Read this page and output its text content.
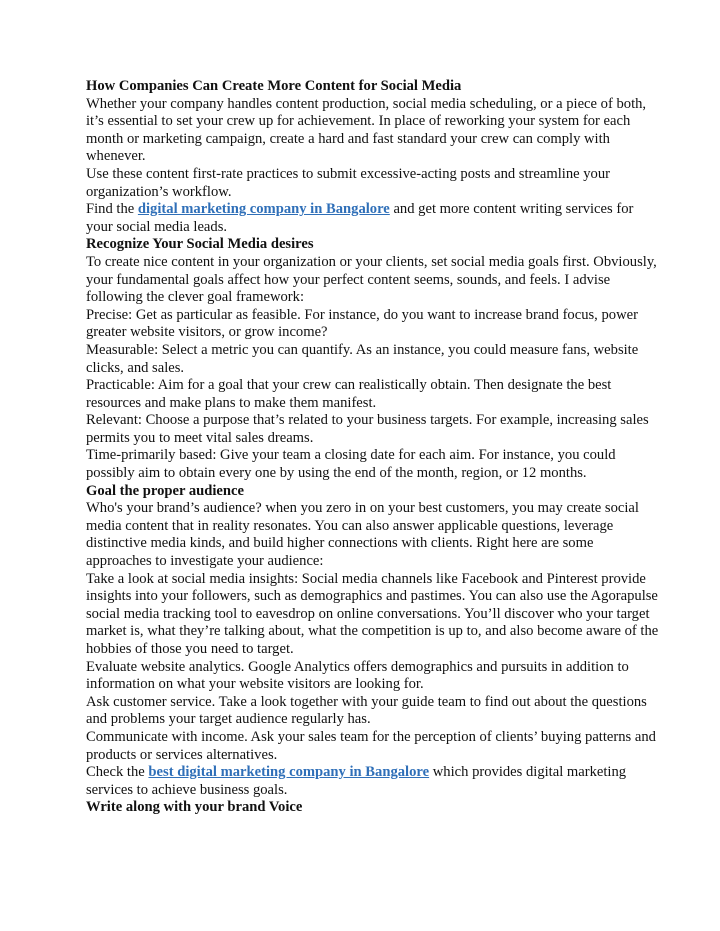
How Companies Can Create More Content for Social Media

Whether your company handles content production, social media scheduling, or a piece of both, it’s essential to set your crew up for achievement. In place of reworking your system for each month or marketing campaign, create a hard and fast standard your crew can comply with whenever.

Use these content first-rate practices to submit excessive-acting posts and streamline your organization’s workflow.

Find the digital marketing company in Bangalore and get more content writing services for your social media leads.

Recognize Your Social Media desires

To create nice content in your organization or your clients, set social media goals first. Obviously, your fundamental goals affect how your perfect content seems, sounds, and feels. I advise following the clever goal framework:

Precise: Get as particular as feasible. For instance, do you want to increase brand focus, power greater website visitors, or grow income?

Measurable: Select a metric you can quantify. As an instance, you could measure fans, website clicks, and sales.

Practicable: Aim for a goal that your crew can realistically obtain. Then designate the best resources and make plans to make them manifest.

Relevant: Choose a purpose that’s related to your business targets. For example, increasing sales permits you to meet vital sales dreams.

Time-primarily based: Give your team a closing date for each aim. For instance, you could possibly aim to obtain every one by using the end of the month, region, or 12 months.

Goal the proper audience

Who's your brand’s audience? when you zero in on your best customers, you may create social media content that in reality resonates. You can also answer applicable questions, leverage distinctive media kinds, and build higher connections with clients. Right here are some approaches to investigate your audience:

Take a look at social media insights: Social media channels like Facebook and Pinterest provide insights into your followers, such as demographics and pastimes. You can also use the Agorapulse social media tracking tool to eavesdrop on online conversations. You’ll discover who your target market is, what they’re talking about, what the competition is up to, and also become aware of the hobbies of those you need to target.

Evaluate website analytics. Google Analytics offers demographics and pursuits in addition to information on what your website visitors are looking for.

Ask customer service. Take a look together with your guide team to find out about the questions and problems your target audience regularly has.

Communicate with income. Ask your sales team for the perception of clients’ buying patterns and products or services alternatives.

Check the best digital marketing company in Bangalore which provides digital marketing services to achieve business goals.

Write along with your brand Voice
